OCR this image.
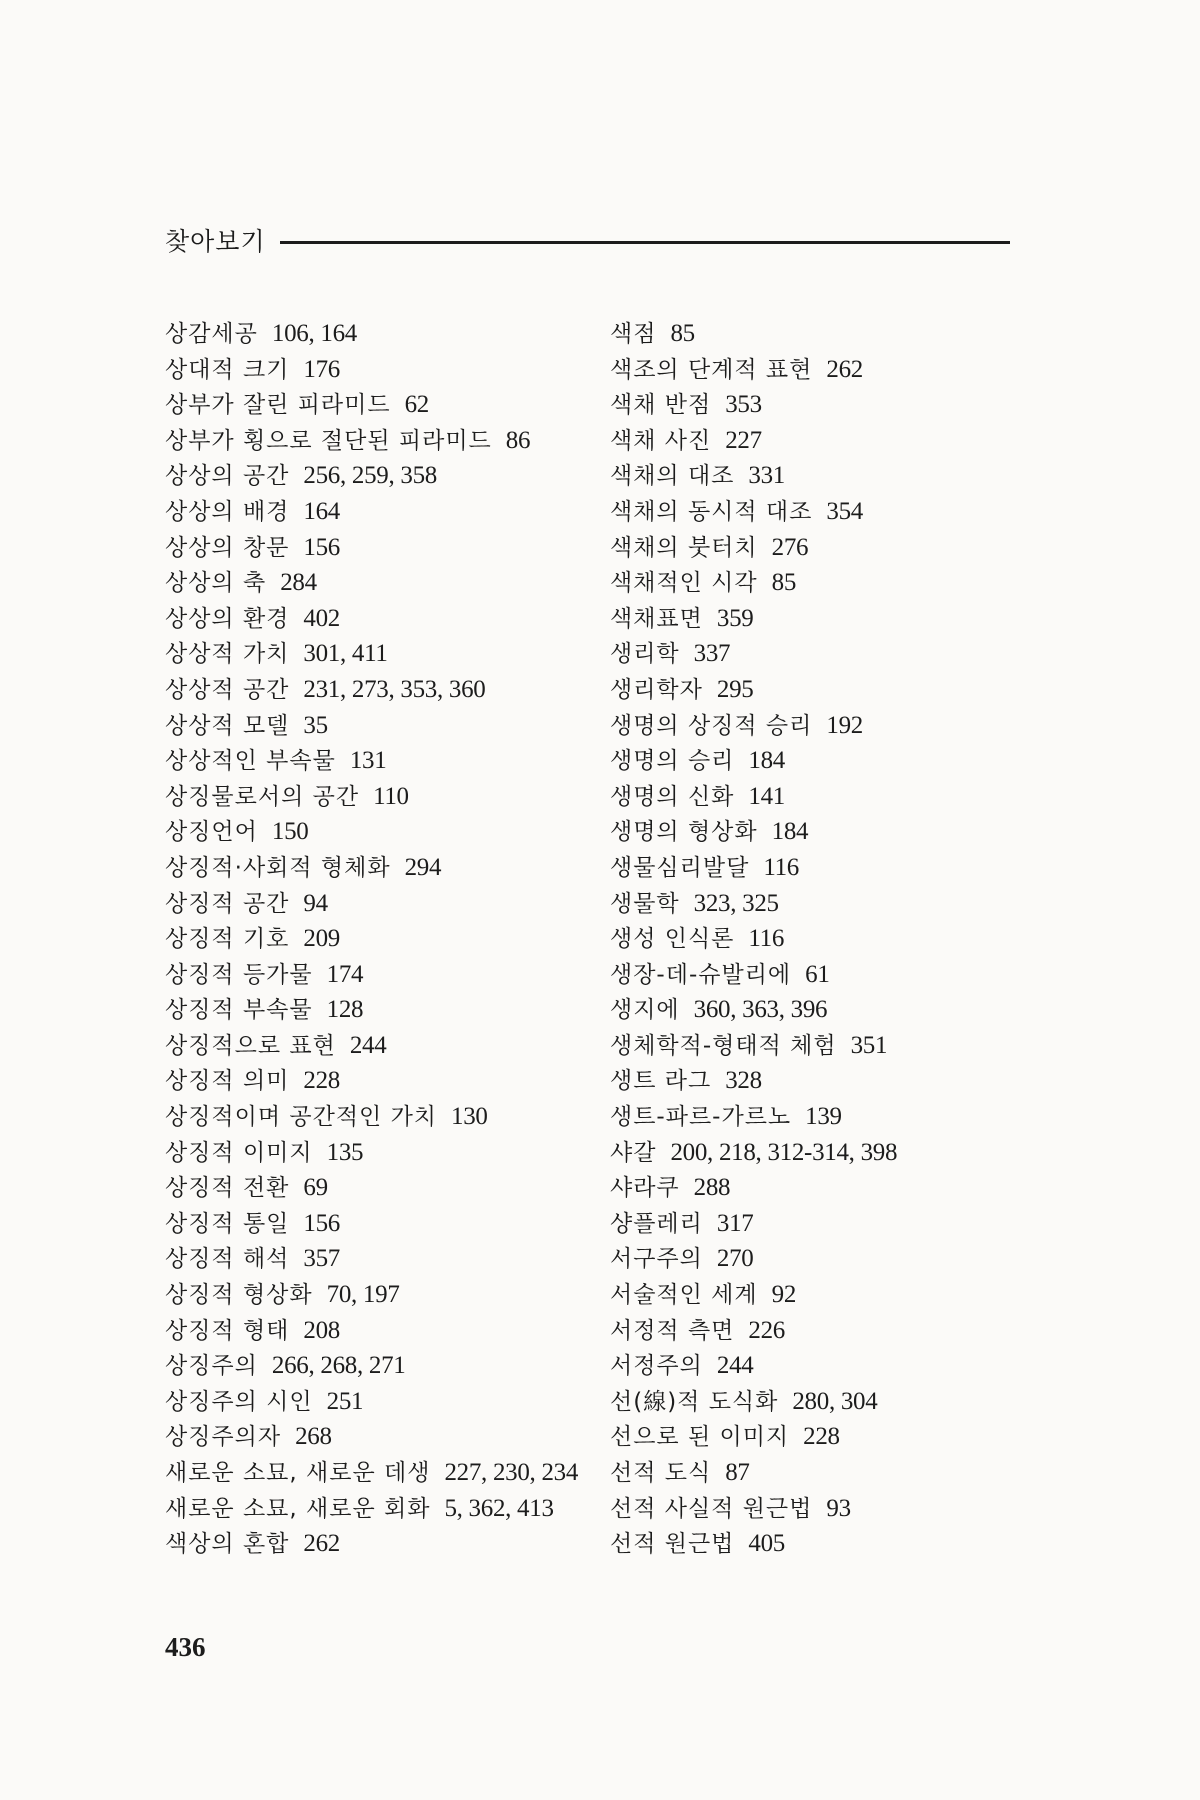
찾아보기
상감세공 106, 164
상대적 크기 176
상부가 잘린 피라미드 62
상부가 횡으로 절단된 피라미드 86
상상의 공간 256, 259, 358
상상의 배경 164
상상의 창문 156
상상의 축 284
상상의 환경 402
상상적 가치 301, 411
상상적 공간 231, 273, 353, 360
상상적 모델 35
상상적인 부속물 131
상징물로서의 공간 110
상징언어 150
상징적·사회적 형체화 294
상징적 공간 94
상징적 기호 209
상징적 등가물 174
상징적 부속물 128
상징적으로 표현 244
상징적 의미 228
상징적이며 공간적인 가치 130
상징적 이미지 135
상징적 전환 69
상징적 통일 156
상징적 해석 357
상징적 형상화 70, 197
상징적 형태 208
상징주의 266, 268, 271
상징주의 시인 251
상징주의자 268
새로운 소묘, 새로운 데생 227, 230, 234
새로운 소묘, 새로운 회화 5, 362, 413
색상의 혼합 262
색점 85
색조의 단계적 표현 262
색채 반점 353
색채 사진 227
색채의 대조 331
색채의 동시적 대조 354
색채의 붓터치 276
색채적인 시각 85
색채표면 359
생리학 337
생리학자 295
생명의 상징적 승리 192
생명의 승리 184
생명의 신화 141
생명의 형상화 184
생물심리발달 116
생물학 323, 325
생성 인식론 116
생장-데-슈발리에 61
생지에 360, 363, 396
생체학적-형태적 체험 351
생트 라그 328
생트-파르-가르노 139
샤갈 200, 218, 312-314, 398
샤라쿠 288
샹플레리 317
서구주의 270
서술적인 세계 92
서정적 측면 226
서정주의 244
선(線)적 도식화 280, 304
선으로 된 이미지 228
선적 도식 87
선적 사실적 원근법 93
선적 원근법 405
436
